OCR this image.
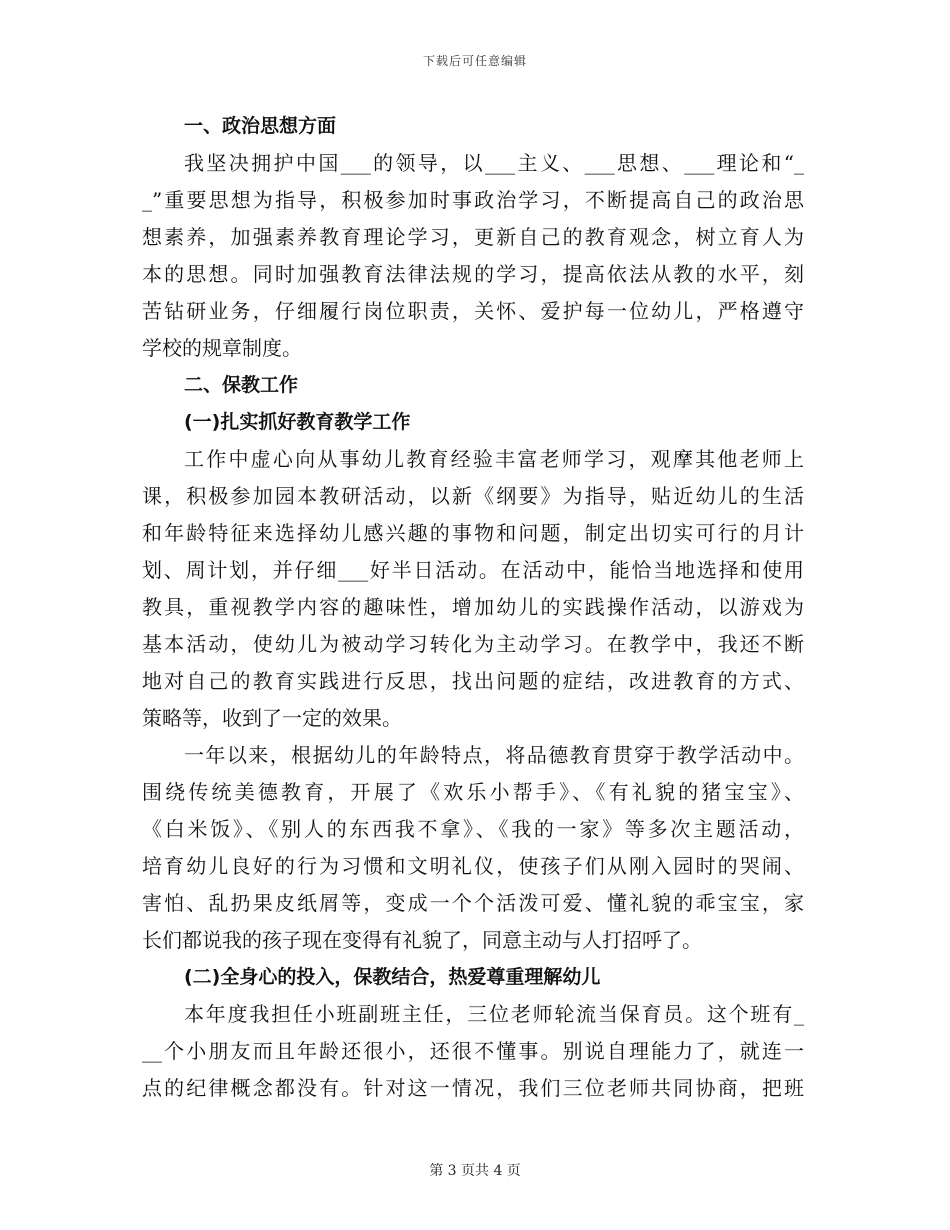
下载后可任意编辑
一、政治思想方面
我坚决拥护中国___的领导，以___主义、___思想、___理论和“_
_”重要思想为指导，积极参加时事政治学习，不断提高自己的政治思
想素养，加强素养教育理论学习，更新自己的教育观念，树立育人为
本的思想。同时加强教育法律法规的学习，提高依法从教的水平，刻
苦钻研业务，仔细履行岗位职责，关怀、爱护每一位幼儿，严格遵守
学校的规章制度。
二、保教工作
(一)扎实抓好教育教学工作
工作中虚心向从事幼儿教育经验丰富老师学习，观摩其他老师上
课，积极参加园本教研活动，以新《纲要》为指导，贴近幼儿的生活
和年龄特征来选择幼儿感兴趣的事物和问题，制定出切实可行的月计
划、周计划，并仔细___好半日活动。在活动中，能恰当地选择和使用
教具，重视教学内容的趣味性，增加幼儿的实践操作活动，以游戏为
基本活动，使幼儿为被动学习转化为主动学习。在教学中，我还不断
地对自己的教育实践进行反思，找出问题的症结，改进教育的方式、
策略等，收到了一定的效果。
一年以来，根据幼儿的年龄特点，将品德教育贯穿于教学活动中。
围绕传统美德教育，开展了《欢乐小帮手》、《有礼貌的猪宝宝》、
《白米饭》、《别人的东西我不拿》、《我的一家》等多次主题活动，
培育幼儿良好的行为习惯和文明礼仪，使孩子们从刚入园时的哭闹、
害怕、乱扔果皮纸屑等，变成一个个活泼可爱、懂礼貌的乖宝宝，家
长们都说我的孩子现在变得有礼貌了，同意主动与人打招呼了。
(二)全身心的投入，保教结合，热爱尊重理解幼儿
本年度我担任小班副班主任，三位老师轮流当保育员。这个班有_
__个小朋友而且年龄还很小，还很不懂事。别说自理能力了，就连一
点的纪律概念都没有。针对这一情况，我们三位老师共同协商，把班
第 3 页共 4 页
